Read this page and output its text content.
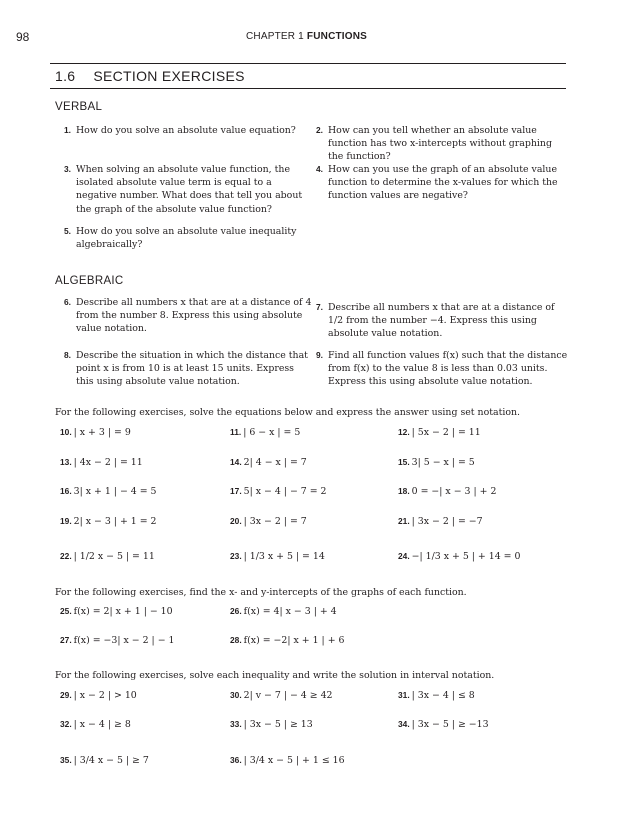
98	CHAPTER 1 FUNCTIONS
1.6 SECTION EXERCISES
VERBAL
1. How do you solve an absolute value equation?	2. How can you tell whether an absolute value function has two x-intercepts without graphing the function?
3. When solving an absolute value function, the isolated absolute value term is equal to a negative number. What does that tell you about the graph of the absolute value function?
4. How can you use the graph of an absolute value function to determine the x-values for which the function values are negative?
5. How do you solve an absolute value inequality algebraically?
ALGEBRAIC
6. Describe all numbers x that are at a distance of 4 from the number 8. Express this using absolute value notation.
7. Describe all numbers x that are at a distance of 1/2 from the number −4. Express this using absolute value notation.
8. Describe the situation in which the distance that point x is from 10 is at least 15 units. Express this using absolute value notation.
9. Find all function values f(x) such that the distance from f(x) to the value 8 is less than 0.03 units. Express this using absolute value notation.
For the following exercises, solve the equations below and express the answer using set notation.
10. | x + 3 | = 9	11. | 6 − x | = 5	12. | 5x − 2 | = 11
13. | 4x − 2 | = 11	14. 2| 4 − x | = 7	15. 3| 5 − x | = 5
16. 3| x + 1 | − 4 = 5	17. 5| x − 4 | − 7 = 2	18. 0 = −| x − 3 | + 2
19. 2| x − 3 | + 1 = 2	20. | 3x − 2 | = 7	21. | 3x − 2 | = −7
22. | 1/2 x − 5 | = 11	23. | 1/3 x + 5 | = 14	24. −| 1/3 x + 5 | + 14 = 0
For the following exercises, find the x- and y-intercepts of the graphs of each function.
25. f(x) = 2| x + 1 | − 10	26. f(x) = 4| x − 3 | + 4
27. f(x) = −3| x − 2 | − 1	28. f(x) = −2| x + 1 | + 6
For the following exercises, solve each inequality and write the solution in interval notation.
29. | x − 2 | > 10	30. 2| v − 7 | − 4 ≥ 42	31. | 3x − 4 | ≤ 8
32. | x − 4 | ≥ 8	33. | 3x − 5 | ≥ 13	34. | 3x − 5 | ≥ −13
35. | 3/4 x − 5 | ≥ 7	36. | 3/4 x − 5 | + 1 ≤ 16
